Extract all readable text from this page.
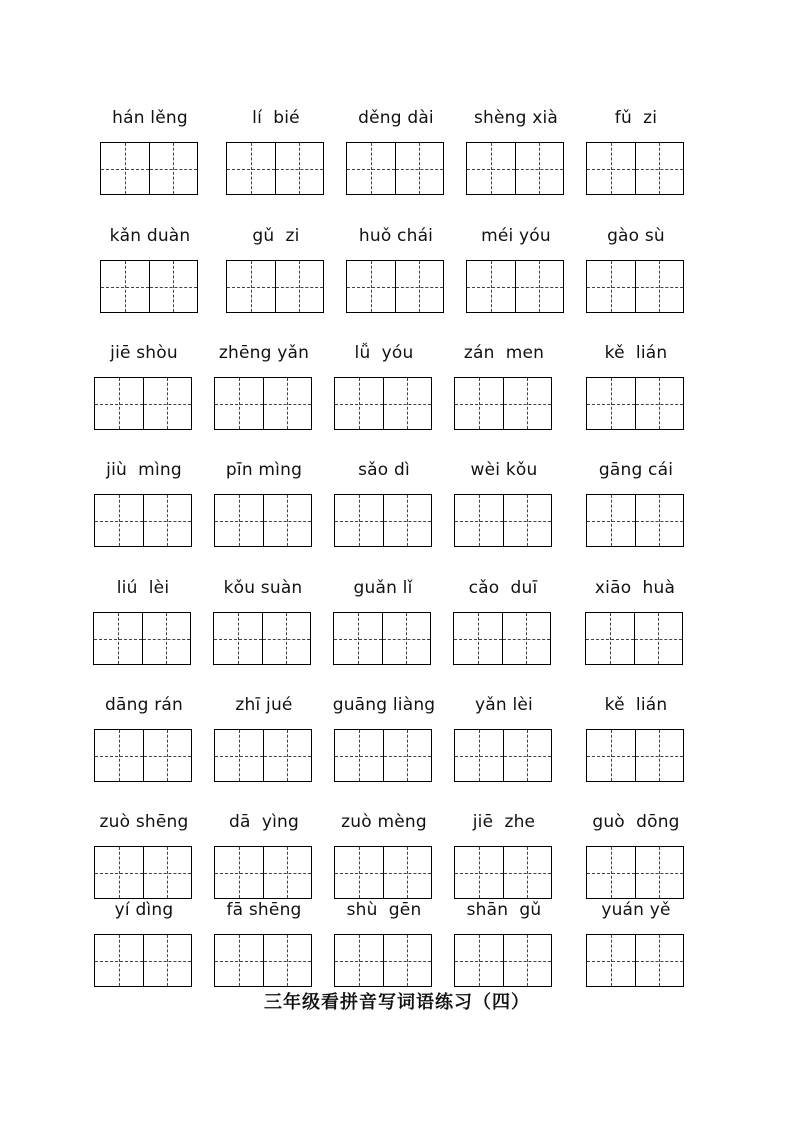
hán lěng	lí  bié	děng dài	shèng xià	fǔ  zi
kǎn duàn	gǔ  zi	huǒ chái	méi yóu	gào sù
jiē shòu	zhēng yǎn	lǚ  yóu	zán  men	kě  lián
jiù  mìng	pīn mìng	sǎo dì	wèi kǒu	gāng cái
liú  lèi	kǒu suàn	guǎn lǐ	cǎo  duī	xiāo  huà
dāng rán	zhī jué	guāng liàng	yǎn lèi	kě  lián
zuò shēng	dā  yìng	zuò mèng	jiē  zhe	guò  dōng
yí dìng	fā shēng	shù  gēn	shān  gǔ	yuán yě
三年级看拼音写词语练习（四）
